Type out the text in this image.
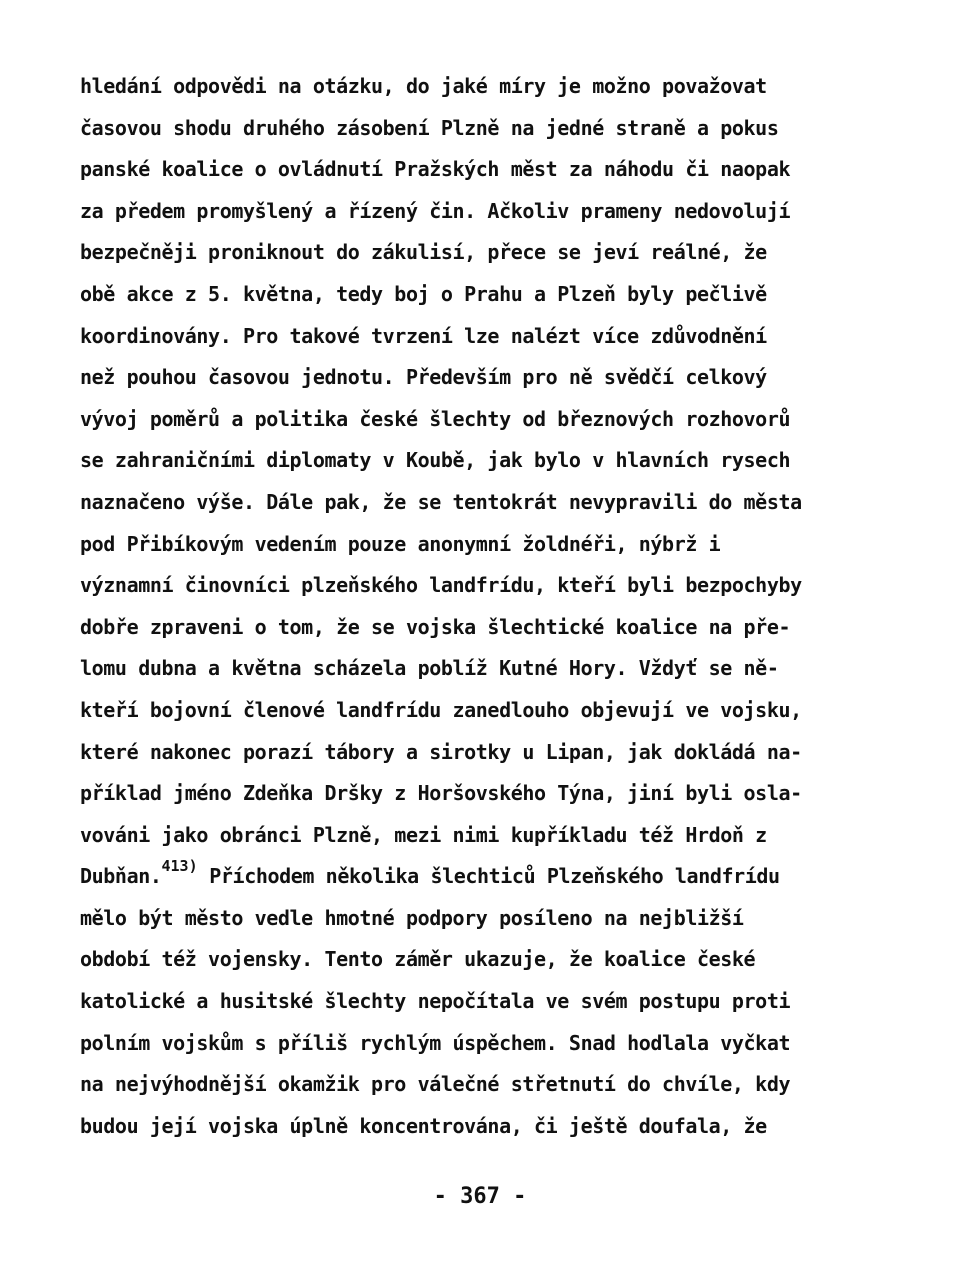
hledání odpovědi na otázku, do jaké míry je možno považovat
časovou shodu druhého zásobení Plzně na jedné straně a pokus
panské koalice o ovládnutí Pražských měst za náhodu či naopak
za předem promyšlený a řízený čin. Ačkoliv prameny nedovolují
bezpečněji proniknout do zákulisí, přece se jeví reálné, že
obě akce z 5. května, tedy boj o Prahu a Plzeň byly pečlivě
koordinovány. Pro takové tvrzení lze nalézt více zdůvodnění
než pouhou časovou jednotu. Především pro ně svědčí celkový
vývoj poměrů a politika české šlechty od březnových rozhovorů
se zahraničními diplomaty v Koubě, jak bylo v hlavních rysech
naznačeno výše. Dále pak, že se tentokrát nevypravili do města
pod Přibíkovým vedením pouze anonymní žoldnéři, nýbrž i
významní činovníci plzeňského landfrídu, kteří byli bezpochyby
dobře zpraveni o tom, že se vojska šlechtické koalice na pře-
lomu dubna a května scházela poblíž Kutné Hory. Vždyť se ně-
kteří bojovní členové landfrídu zanedlouho objevují ve vojsku,
které nakonec porazí tábory a sirotky u Lipan, jak dokládá na-
příklad jméno Zdeňka Dršky z Horšovského Týna, jiní byli osla-
vováni jako obránci Plzně, mezi nimi kupříkladu též Hrdoň z
Dubňan.$^{413)}$ Příchodem několika šlechticů Plzeňského landfrídu
mělo být město vedle hmotné podpory posíleno na nejbližší
období též vojensky. Tento záměr ukazuje, že koalice české
katolické a husitské šlechty nepočítala ve svém postupu proti
polním vojskům s příliš rychlým úspěchem. Snad hodlala vyčkat
na nejvýhodnější okamžik pro válečné střetnutí do chvíle, kdy
budou její vojska úplně koncentrována, či ještě doufala, že
- 367 -
